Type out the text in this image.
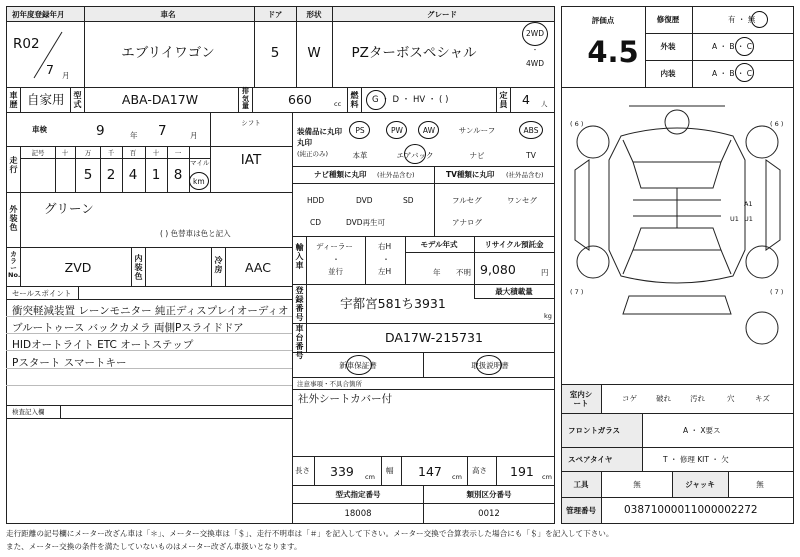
初年度登録年月	車名	ドア	形状	グレード
R02
7 月
エブリイワゴン	5 W PZターボスペシャル
2WD
・
4WD
車歴 自家用 型式	ABA-DA17W
排気量	660	cc
燃料 G ・ D ・ HV ・ ( )	定員 4 人
車検	9	年 7	月
シフト
IAT
走行
記号	十	万	千 百	十 一
5 2 4 1 8
マイル
km
外装色
グリーン
( ) 色替車は色と記入
カラーNo.	ZVD
内装色
冷房 AAC
セールスポイント
衝突軽減装置 レーンモニター 純正ディスプレイオーディオ
ブルートゥース バックカメラ 両側Pスライドドア
HIDオートライト ETC オートステップ
Pスタート スマートキー
検査記入欄
装備品に丸印
(純正のみ)
丸印
PS	PW	AW	サンルーフ	ABS
本革	エアバック	ナビ	TV
ナビ種類に丸印 (社外品含む)
HDD	DVD	SD
CD	DVD再生可
TV種類に丸印 (社外品含む)
フルセグ	ワンセグ
アナログ
輸入車
ディーラー
・
並行
右H
・
左H
モデル年式
年 不明
リサイクル預託金
9,080	円
登録番号
宇都宮581ち3931
最大積載量
kg
車台番号
DA17W-215731
新車保証書	取扱説明書
注意事項・不具合箇所
社外シートカバー付
長さ 339 cm
幅 147 cm
高さ 191 cm
型式指定番号
18008
類別区分番号
0012
評価点
4.5
修復歴	有 ・ 無
外装	A ・ B ・ C
内装	A ・ B ・ C
( 6 )	( 6 )
( 7 )	( 7 )
A1
U1 U1
室内シート
コゲ	破れ	汚れ	穴	キズ
フロントガラス	A ・ X要ス
スペアタイヤ	T ・ 修理 KIT ・ 欠
工具	無	ジャッキ	無
管理番号	03871000011000002272
走行距離の記号欄にメーター改ざん車は「＊」、メーター交換車は「＄」、走行不明車は「＃」を記入して下さい。メーター交換で合算表示した場合にも「＄」を記入して下さい。
また、メーター交換の条件を満たしていないものはメーター改ざん車扱いとなります。
